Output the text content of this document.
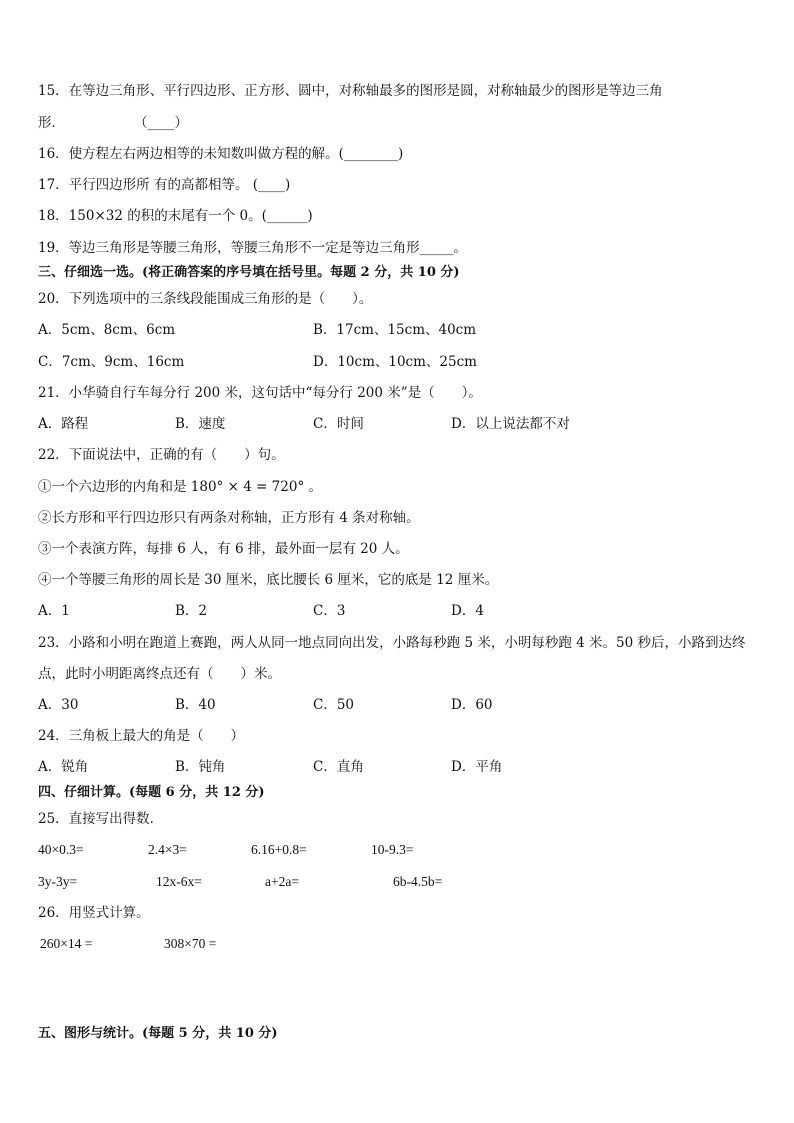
15．在等边三角形、平行四边形、正方形、圆中，对称轴最多的图形是圆，对称轴最少的图形是等边三角
形．	（____）
16．使方程左右两边相等的未知数叫做方程的解。(________)
17．平行四边形所 有的高都相等。 (____)
18．150×32 的积的末尾有一个 0。(______)
19．等边三角形是等腰三角形，等腰三角形不一定是等边三角形_____。
三、仔细选一选。(将正确答案的序号填在括号里。每题 2 分，共 10 分)
20．下列选项中的三条线段能围成三角形的是（　　）。
A．5cm、8cm、6cm	B．17cm、15cm、40cm
C．7cm、9cm、16cm	D．10cm、10cm、25cm
21．小华骑自行车每分行 200 米，这句话中“每分行 200 米”是（　　）。
A．路程	B．速度	C．时间	D．以上说法都不对
22．下面说法中，正确的有（　　）句。
①一个六边形的内角和是 180° × 4 = 720° 。
②长方形和平行四边形只有两条对称轴，正方形有 4 条对称轴。
③一个表演方阵，每排 6 人，有 6 排，最外面一层有 20 人。
④一个等腰三角形的周长是 30 厘米，底比腰长 6 厘米，它的底是 12 厘米。
A．1	B．2	C．3	D．4
23．小路和小明在跑道上赛跑，两人从同一地点同向出发，小路每秒跑 5 米，小明每秒跑 4 米。50 秒后，小路到达终
点，此时小明距离终点还有（　　）米。
A．30	B．40	C．50	D．60
24．三角板上最大的角是（　　）
A．锐角	B．钝角	C．直角	D．平角
四、仔细计算。(每题 6 分，共 12 分)
25．直接写出得数．
40×0.3=	2.4×3=	6.16+0.8=	10-9.3=
3y-3y=	12x-6x=	a+2a=	6b-4.5b=
26．用竖式计算。
260×14 =	308×70 =
五、图形与统计。(每题 5 分，共 10 分)
